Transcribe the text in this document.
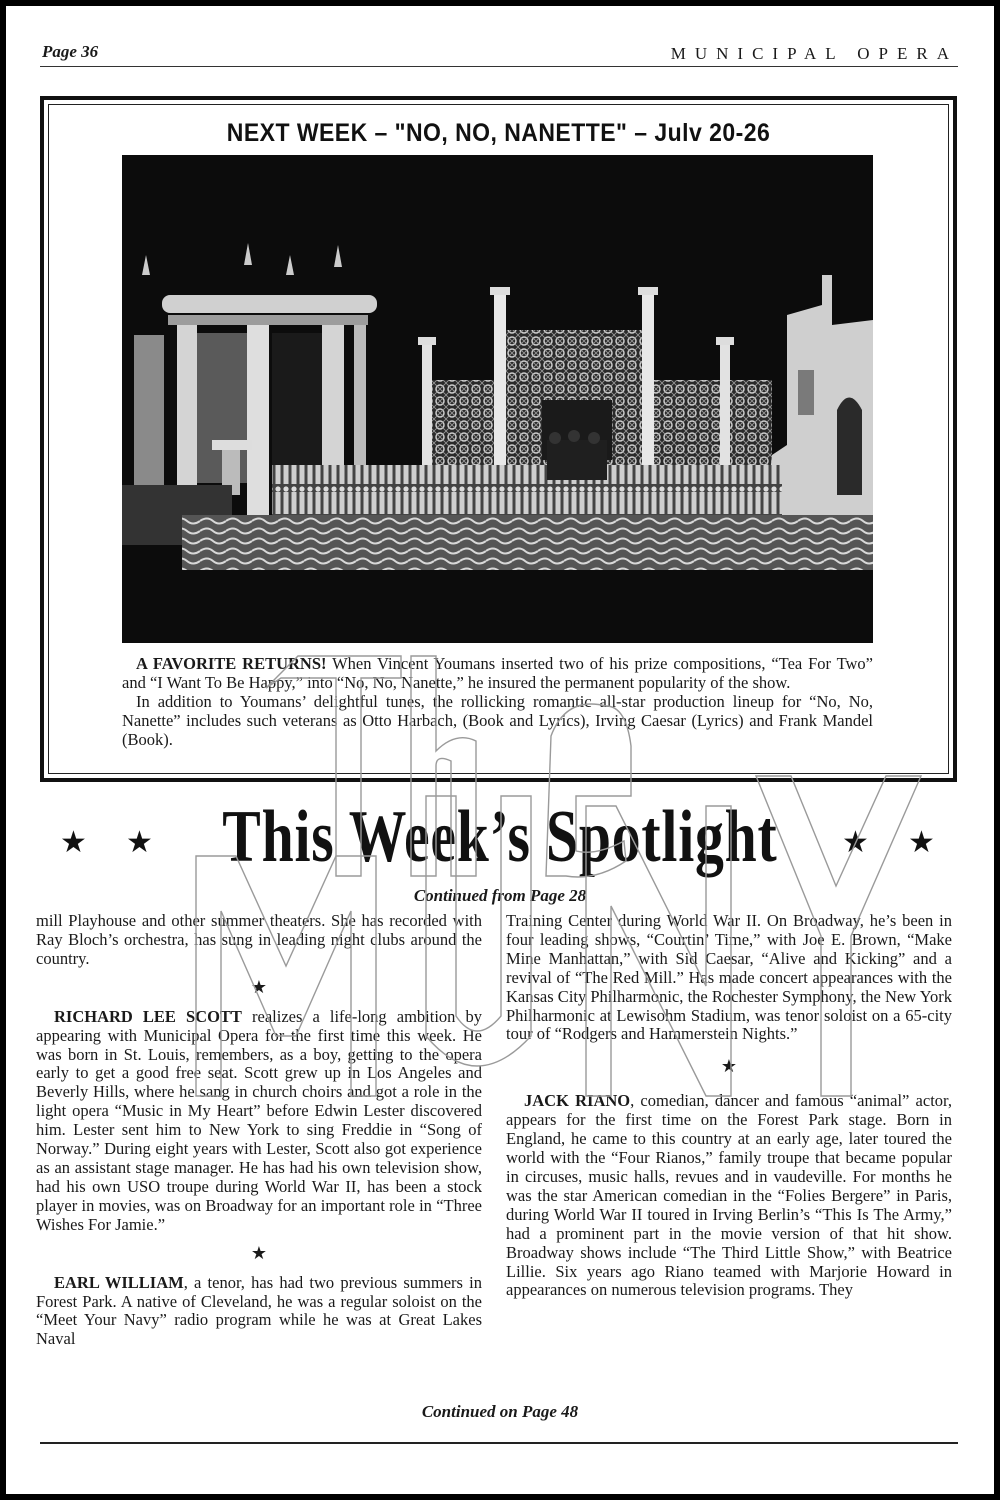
Page 36	MUNICIPAL OPERA
NEXT WEEK – "NO, NO, NANETTE" – Julv 20-26

A FAVORITE RETURNS! When Vincent Youmans inserted two of his prize compositions, “Tea For Two” and “I Want To Be Happy,” into “No, No, Nanette,” he insured the permanent popularity of the show.

In addition to Youmans’ delightful tunes, the rollicking romantic all-star production lineup for “No, No, Nanette” includes such veterans as Otto Harbach, (Book and Lyrics), Irving Caesar (Lyrics) and Frank Mandel (Book).

★ ★ This Week’s Spotlight	★ ★
Continued from Page 28

mill Playhouse and other summer theaters. She has recorded with Ray Bloch’s orchestra, has sung in leading night clubs around the country.

★

RICHARD LEE SCOTT realizes a life-long ambition by appearing with Municipal Opera for the first time this week. He was born in St. Louis, remembers, as a boy, getting to the opera early to get a good free seat. Scott grew up in Los Angeles and Beverly Hills, where he sang in church choirs and got a role in the light opera “Music in My Heart” before Edwin Lester discovered him. Lester sent him to New York to sing Freddie in “Song of Norway.” During eight years with Lester, Scott also got experience as an assistant stage manager. He has had his own television show, had his own USO troupe during World War II, has been a stock player in movies, was on Broadway for an important role in “Three Wishes For Jamie.”

★

EARL WILLIAM, a tenor, has had two previous summers in Forest Park. A native of Cleveland, he was a regular soloist on the “Meet Your Navy” radio program while he was at Great Lakes Naval

Training Center during World War II. On Broadway, he’s been in four leading shows, “Courtin’ Time,” with Joe E. Brown, “Make Mine Manhattan,” with Sid Caesar, “Alive and Kicking” and a revival of “The Red Mill.” Has made concert appearances with the Kansas City Philharmonic, the Rochester Symphony, the New York Philharmonic at Lewisohm Stadium, was tenor soloist on a 65-city tour of “Rodgers and Hammerstein Nights.”

★

JACK RIANO, comedian, dancer and famous “animal” actor, appears for the first time on the Forest Park stage. Born in England, he came to this country at an early age, later toured the world with the “Four Rianos,” family troupe that became popular in circuses, music halls, revues and in vaudeville. For months he was the star American comedian in the “Folies Bergere” in Paris, during World War II toured in Irving Berlin’s “This Is The Army,” had a prominent part in the movie version of that hit show. Broadway shows include “The Third Little Show,” with Beatrice Lillie. Six years ago Riano teamed with Marjorie Howard in appearances on numerous television programs. They

Continued on Page 48
